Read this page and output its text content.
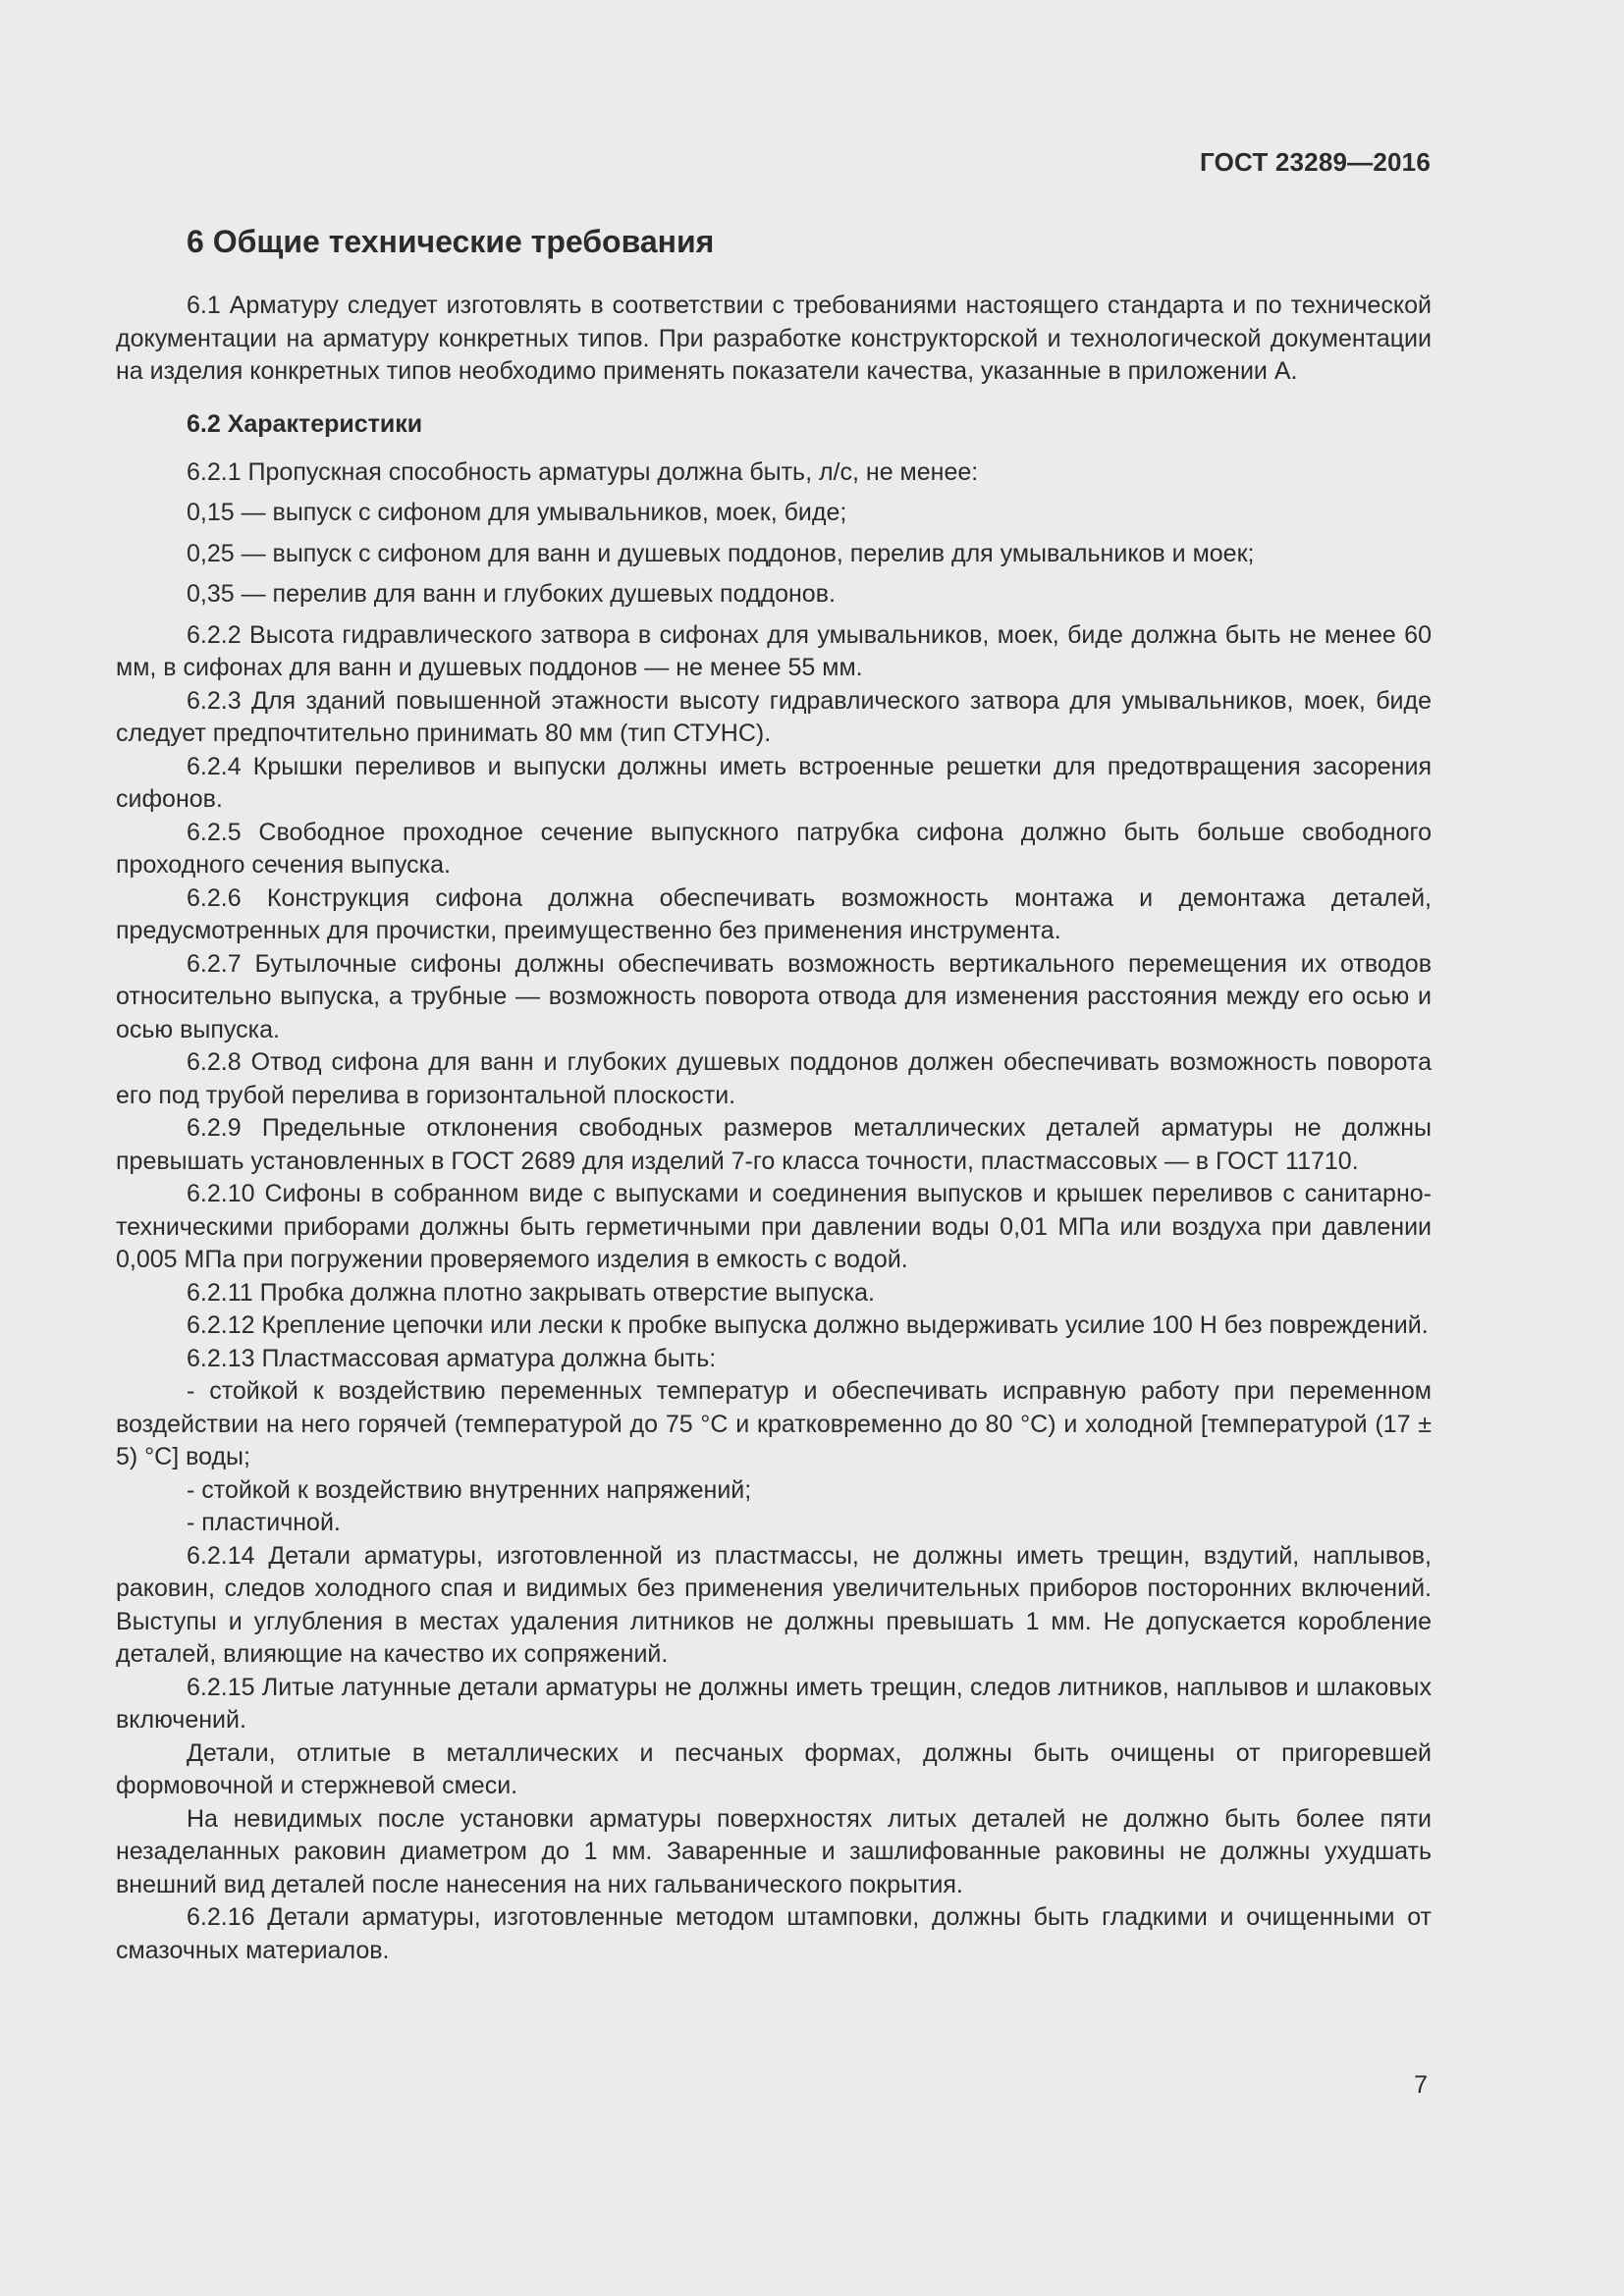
ГОСТ 23289—2016
6 Общие технические требования

6.1 Арматуру следует изготовлять в соответствии с требованиями настоящего стандарта и по технической документации на арматуру конкретных типов. При разработке конструкторской и технологической документации на изделия конкретных типов необходимо применять показатели качества, указанные в приложении А.

6.2 Характеристики
6.2.1 Пропускная способность арматуры должна быть, л/с, не менее:
0,15 — выпуск с сифоном для умывальников, моек, биде;
0,25 — выпуск с сифоном для ванн и душевых поддонов, перелив для умывальников и моек;
0,35 — перелив для ванн и глубоких душевых поддонов.

6.2.2 Высота гидравлического затвора в сифонах для умывальников, моек, биде должна быть не менее 60 мм, в сифонах для ванн и душевых поддонов — не менее 55 мм.

6.2.3 Для зданий повышенной этажности высоту гидравлического затвора для умывальников, моек, биде следует предпочтительно принимать 80 мм (тип СТУНС).

6.2.4 Крышки переливов и выпуски должны иметь встроенные решетки для предотвращения засорения сифонов.

6.2.5 Свободное проходное сечение выпускного патрубка сифона должно быть больше свободного проходного сечения выпуска.

6.2.6 Конструкция сифона должна обеспечивать возможность монтажа и демонтажа деталей, предусмотренных для прочистки, преимущественно без применения инструмента.

6.2.7 Бутылочные сифоны должны обеспечивать возможность вертикального перемещения их отводов относительно выпуска, а трубные — возможность поворота отвода для изменения расстояния между его осью и осью выпуска.

6.2.8 Отвод сифона для ванн и глубоких душевых поддонов должен обеспечивать возможность поворота его под трубой перелива в горизонтальной плоскости.

6.2.9 Предельные отклонения свободных размеров металлических деталей арматуры не должны превышать установленных в ГОСТ 2689 для изделий 7-го класса точности, пластмассовых — в ГОСТ 11710.

6.2.10 Сифоны в собранном виде с выпусками и соединения выпусков и крышек переливов с санитарно-техническими приборами должны быть герметичными при давлении воды 0,01 МПа или воздуха при давлении 0,005 МПа при погружении проверяемого изделия в емкость с водой.

6.2.11 Пробка должна плотно закрывать отверстие выпуска.

6.2.12 Крепление цепочки или лески к пробке выпуска должно выдерживать усилие 100 Н без повреждений.

6.2.13 Пластмассовая арматура должна быть:

- стойкой к воздействию переменных температур и обеспечивать исправную работу при переменном воздействии на него горячей (температурой до 75 °С и кратковременно до 80 °С) и холодной [температурой (17 ± 5) °С] воды;

- стойкой к воздействию внутренних напряжений;

- пластичной.

6.2.14 Детали арматуры, изготовленной из пластмассы, не должны иметь трещин, вздутий, наплывов, раковин, следов холодного спая и видимых без применения увеличительных приборов посторонних включений. Выступы и углубления в местах удаления литников не должны превышать 1 мм. Не допускается коробление деталей, влияющие на качество их сопряжений.

6.2.15 Литые латунные детали арматуры не должны иметь трещин, следов литников, наплывов и шлаковых включений.

Детали, отлитые в металлических и песчаных формах, должны быть очищены от пригоревшей формовочной и стержневой смеси.

На невидимых после установки арматуры поверхностях литых деталей не должно быть более пяти незаделанных раковин диаметром до 1 мм. Заваренные и зашлифованные раковины не должны ухудшать внешний вид деталей после нанесения на них гальванического покрытия.

6.2.16 Детали арматуры, изготовленные методом штамповки, должны быть гладкими и очищенными от смазочных материалов.

7
